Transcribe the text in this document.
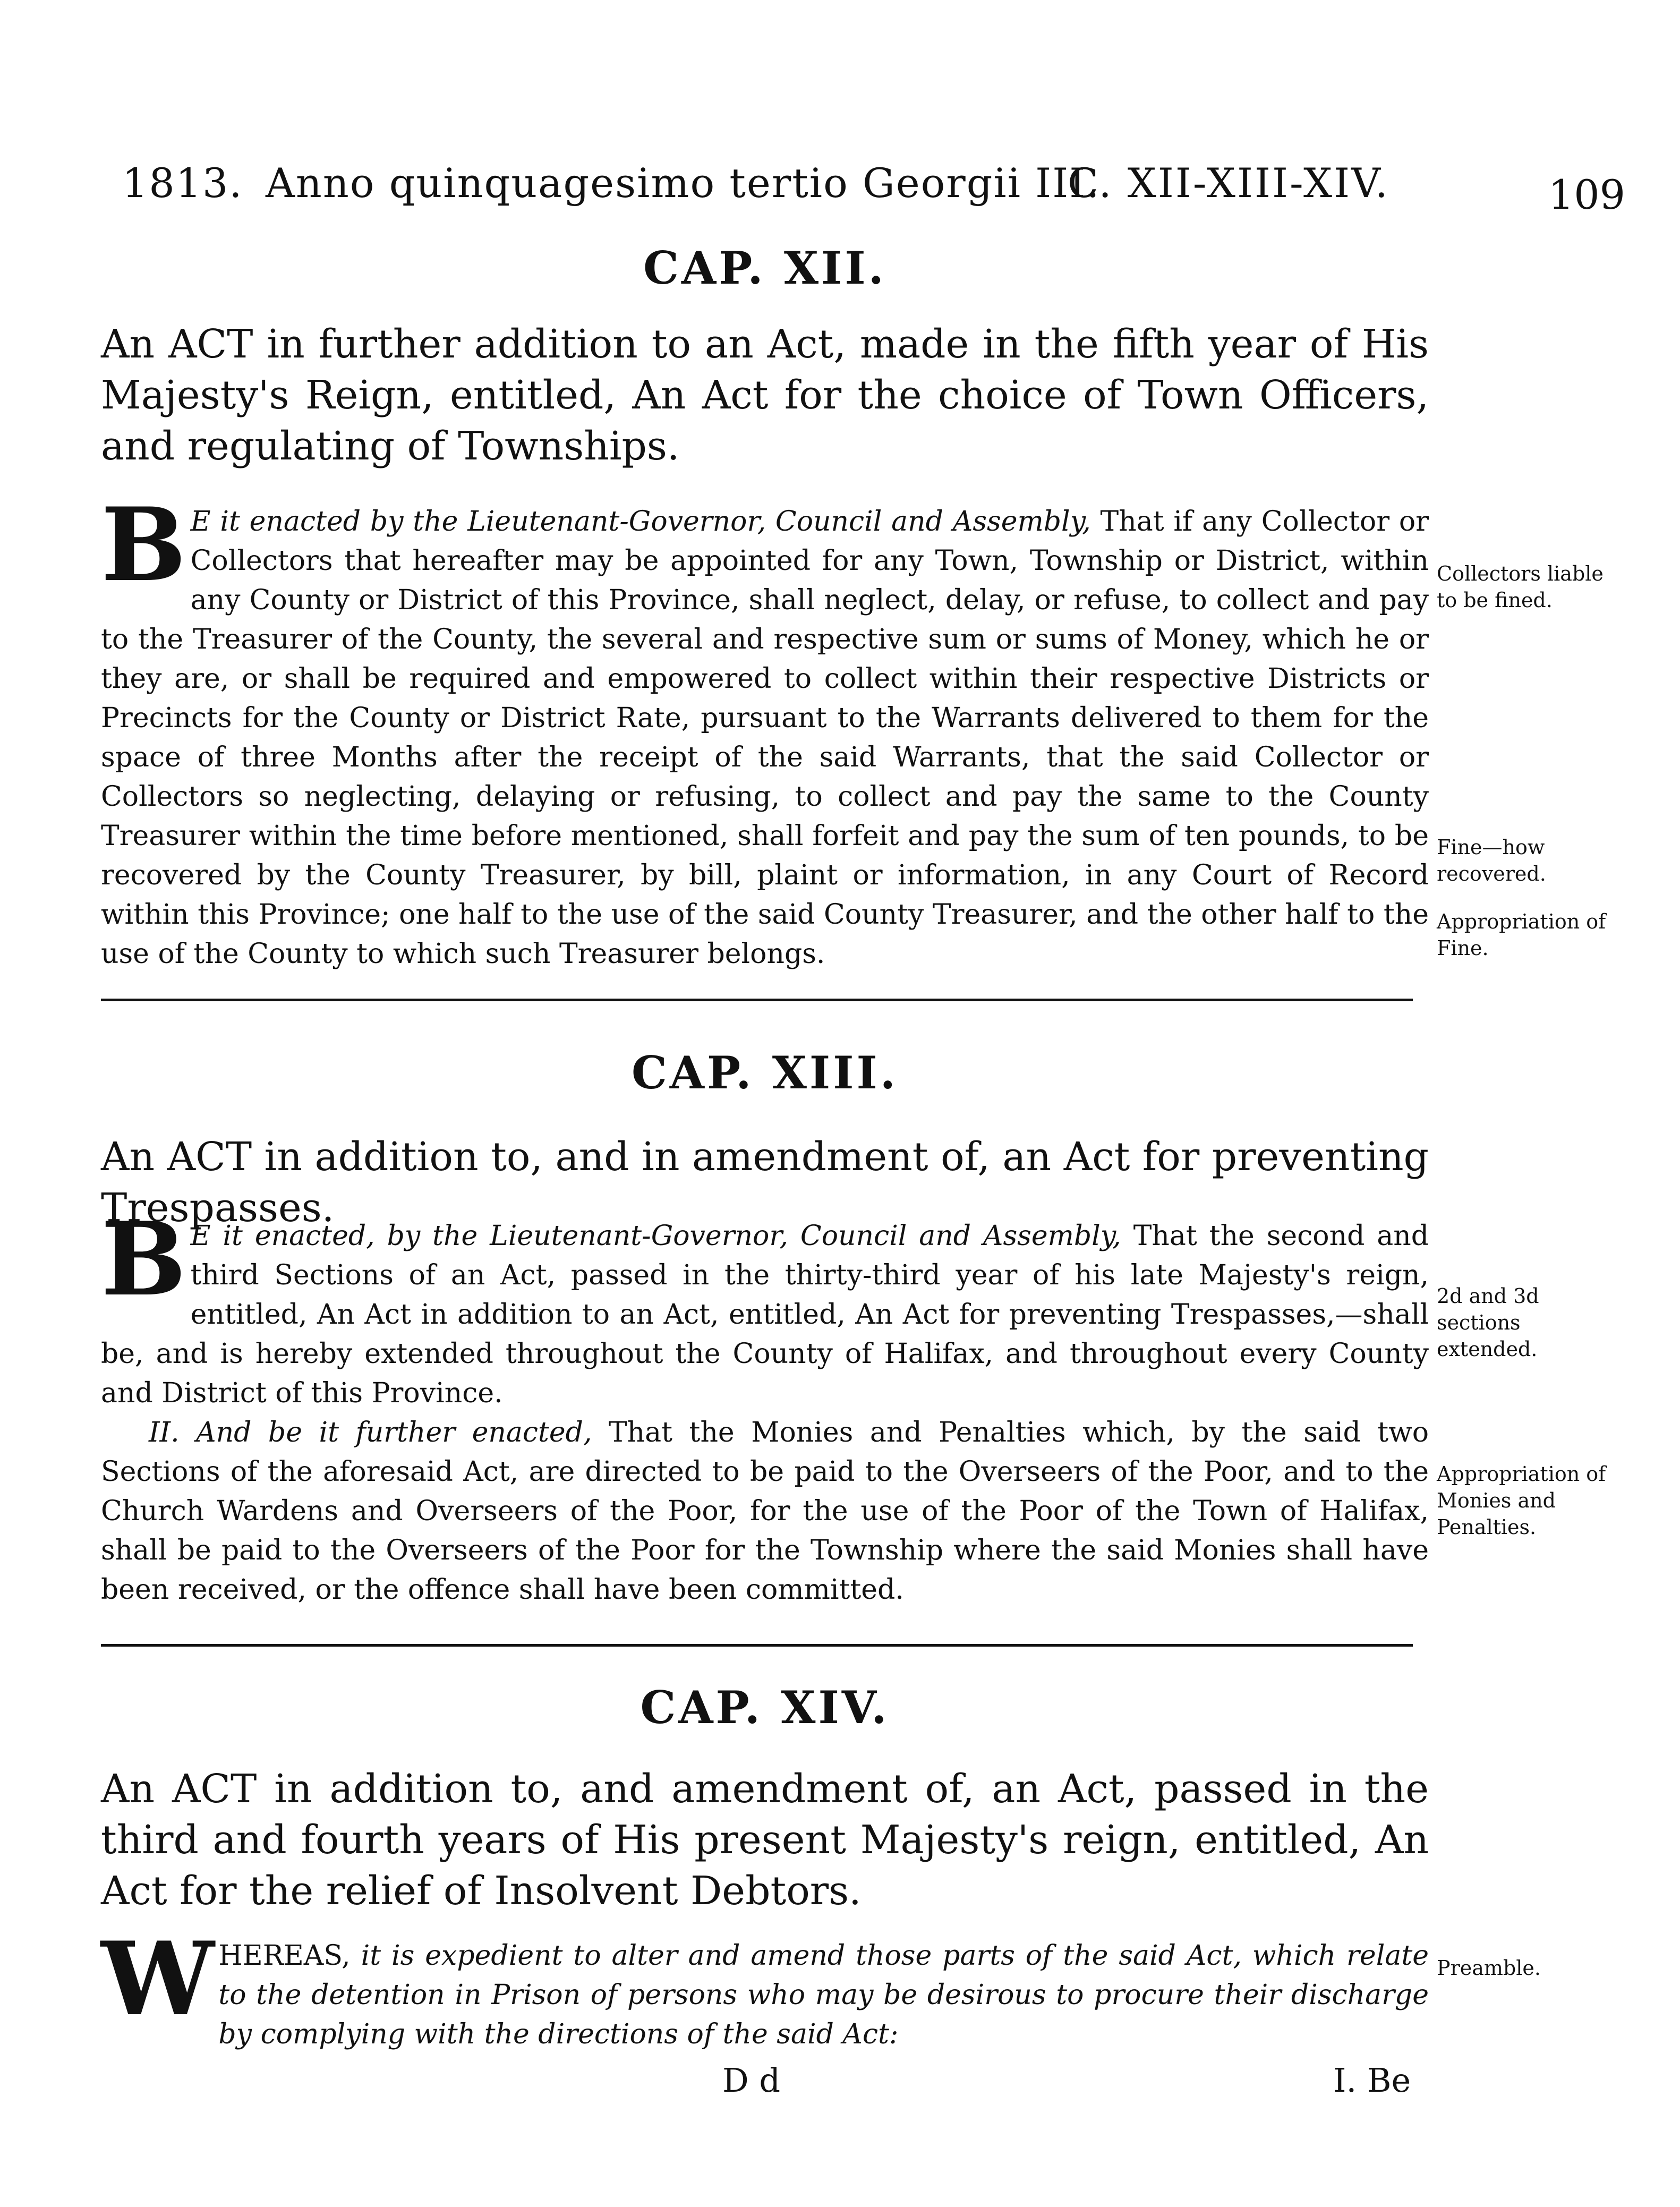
1813. Anno quinquagesimo tertio Georgii III.
C. XII-XIII-XIV.	109
CAP. XII.
An ACT in further addition to an Act, made in the fifth year of His Majesty's Reign, entitled, An Act for the choice of Town Officers, and regulating of Townships.
B E it enacted by the Lieutenant-Governor, Council and Assembly, That if any Collector or Collectors that hereafter may be appointed for any Town, Township or District, within any County or District of this Province, shall neglect, delay, or refuse, to collect and pay to the Treasurer of the County, the several and respective sum or sums of Money, which he or they are, or shall be required and empowered to collect within their respective Districts or Precincts for the County or District Rate, pursuant to the Warrants delivered to them for the space of three Months after the receipt of the said Warrants, that the said Collector or Collectors so neglecting, delaying or refusing, to collect and pay the same to the County Treasurer within the time before mentioned, shall forfeit and pay the sum of ten pounds, to be recovered by the County Treasurer, by bill, plaint or information, in any Court of Record within this Province; one half to the use of the said County Treasurer, and the other half to the use of the County to which such Treasurer belongs.
Collectors liable to be fined.
Fine—how recovered.
Appropriation of Fine.
CAP. XIII.
An ACT in addition to, and in amendment of, an Act for preventing Trespasses.
B E it enacted, by the Lieutenant-Governor, Council and Assembly, That the second and third Sections of an Act, passed in the thirty-third year of his late Majesty's reign, entitled, An Act in addition to an Act, entitled, An Act for preventing Trespasses,—shall be, and is hereby extended throughout the County of Halifax, and throughout every County and District of this Province.
II. And be it further enacted, That the Monies and Penalties which, by the said two Sections of the aforesaid Act, are directed to be paid to the Overseers of the Poor, and to the Church Wardens and Overseers of the Poor, for the use of the Poor of the Town of Halifax, shall be paid to the Overseers of the Poor for the Township where the said Monies shall have been received, or the offence shall have been committed.
2d and 3d sections extended.
Appropriation of Monies and Penalties.
CAP. XIV.
An ACT in addition to, and amendment of, an Act, passed in the third and fourth years of His present Majesty's reign, entitled, An Act for the relief of Insolvent Debtors.
WHEREAS, it is expedient to alter and amend those parts of the said Act, which relate to the detention in Prison of persons who may be desirous to procure their discharge by complying with the directions of the said Act:
Preamble.
D d	I. Be
